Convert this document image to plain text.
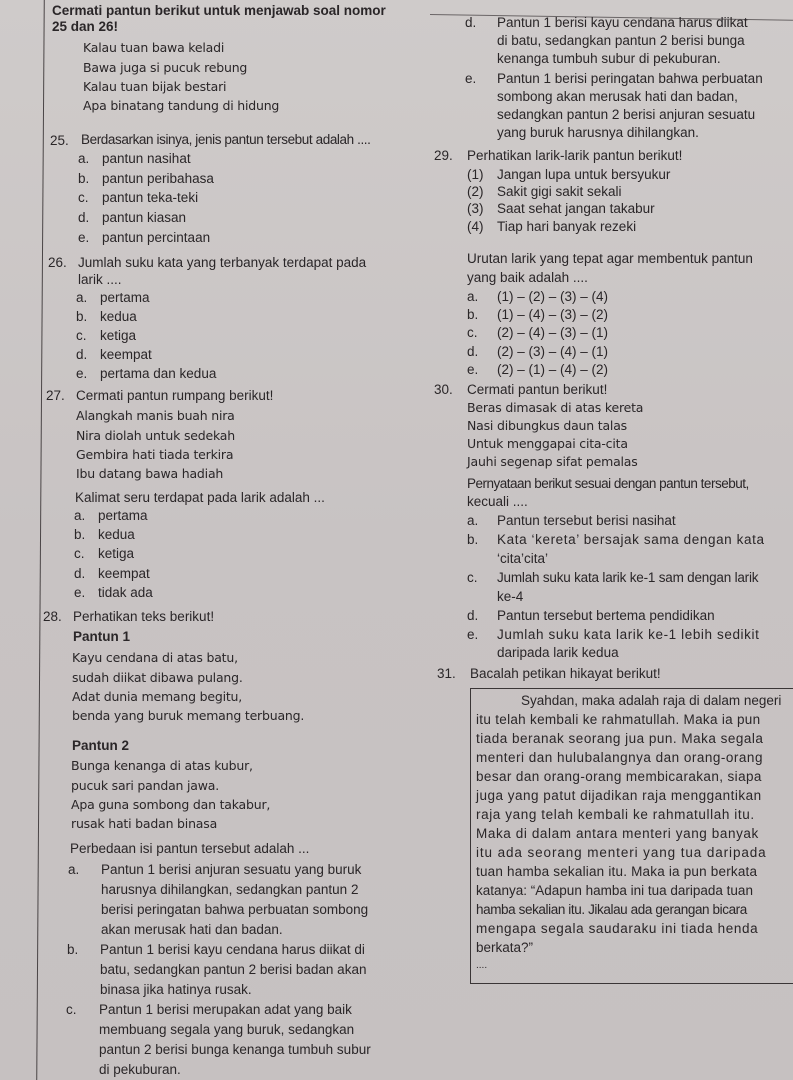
Cermati pantun berikut untuk menjawab soal nomor
25 dan 26!
Kalau tuan bawa keladi
Bawa juga si pucuk rebung
Kalau tuan bijak bestari
Apa binatang tandung di hidung
25. Berdasarkan isinya, jenis pantun tersebut adalah ....
a. pantun nasihat
b. pantun peribahasa
c. pantun teka-teki
d. pantun kiasan
e. pantun percintaan
26. Jumlah suku kata yang terbanyak terdapat pada
larik ....
a. pertama
b. kedua
c. ketiga
d. keempat
e. pertama dan kedua
27. Cermati pantun rumpang berikut!
Alangkah manis buah nira
Nira diolah untuk sedekah
Gembira hati tiada terkira
Ibu datang bawa hadiah
Kalimat seru terdapat pada larik adalah ...
a. pertama
b. kedua
c. ketiga
d. keempat
e. tidak ada
28. Perhatikan teks berikut!
Pantun 1
Kayu cendana di atas batu,
sudah diikat dibawa pulang.
Adat dunia memang begitu,
benda yang buruk memang terbuang.
Pantun 2
Bunga kenanga di atas kubur,
pucuk sari pandan jawa.
Apa guna sombong dan takabur,
rusak hati badan binasa
Perbedaan isi pantun tersebut adalah ...
a. Pantun 1 berisi anjuran sesuatu yang buruk
harusnya dihilangkan, sedangkan pantun 2
berisi peringatan bahwa perbuatan sombong
akan merusak hati dan badan.
b. Pantun 1 berisi kayu cendana harus diikat di
batu, sedangkan pantun 2 berisi badan akan
binasa jika hatinya rusak.
c. Pantun 1 berisi merupakan adat yang baik
membuang segala yang buruk, sedangkan
pantun 2 berisi bunga kenanga tumbuh subur
di pekuburan.
d. Pantun 1 berisi kayu cendana harus diikat
di batu, sedangkan pantun 2 berisi bunga
kenanga tumbuh subur di pekuburan.
e. Pantun 1 berisi peringatan bahwa perbuatan
sombong akan merusak hati dan badan,
sedangkan pantun 2 berisi anjuran sesuatu
yang buruk harusnya dihilangkan.
29. Perhatikan larik-larik pantun berikut!
(1) Jangan lupa untuk bersyukur
(2) Sakit gigi sakit sekali
(3) Saat sehat jangan takabur
(4) Tiap hari banyak rezeki
Urutan larik yang tepat agar membentuk pantun
yang baik adalah ....
a. (1) – (2) – (3) – (4)
b. (1) – (4) – (3) – (2)
c. (2) – (4) – (3) – (1)
d. (2) – (3) – (4) – (1)
e. (2) – (1) – (4) – (2)
30. Cermati pantun berikut!
Beras dimasak di atas kereta
Nasi dibungkus daun talas
Untuk menggapai cita-cita
Jauhi segenap sifat pemalas
Pernyataan berikut sesuai dengan pantun tersebut,
kecuali ....
a. Pantun tersebut berisi nasihat
b. Kata ‘kereta’ bersajak sama dengan kata
‘cita’cita’
c. Jumlah suku kata larik ke-1 sam dengan larik
ke-4
d. Pantun tersebut bertema pendidikan
e. Jumlah suku kata larik ke-1 lebih sedikit
daripada larik kedua
31. Bacalah petikan hikayat berikut!
Syahdan, maka adalah raja di dalam negeri
itu telah kembali ke rahmatullah. Maka ia pun
tiada beranak seorang jua pun. Maka segala
menteri dan hulubalangnya dan orang-orang
besar dan orang-orang membicarakan, siapa
juga yang patut dijadikan raja menggantikan
raja yang telah kembali ke rahmatullah itu.
Maka di dalam antara menteri yang banyak
itu ada seorang menteri yang tua daripada
tuan hamba sekalian itu. Maka ia pun berkata
katanya: “Adapun hamba ini tua daripada tuan
hamba sekalian itu. Jikalau ada gerangan bicara
mengapa segala saudaraku ini tiada henda
berkata?”
....
